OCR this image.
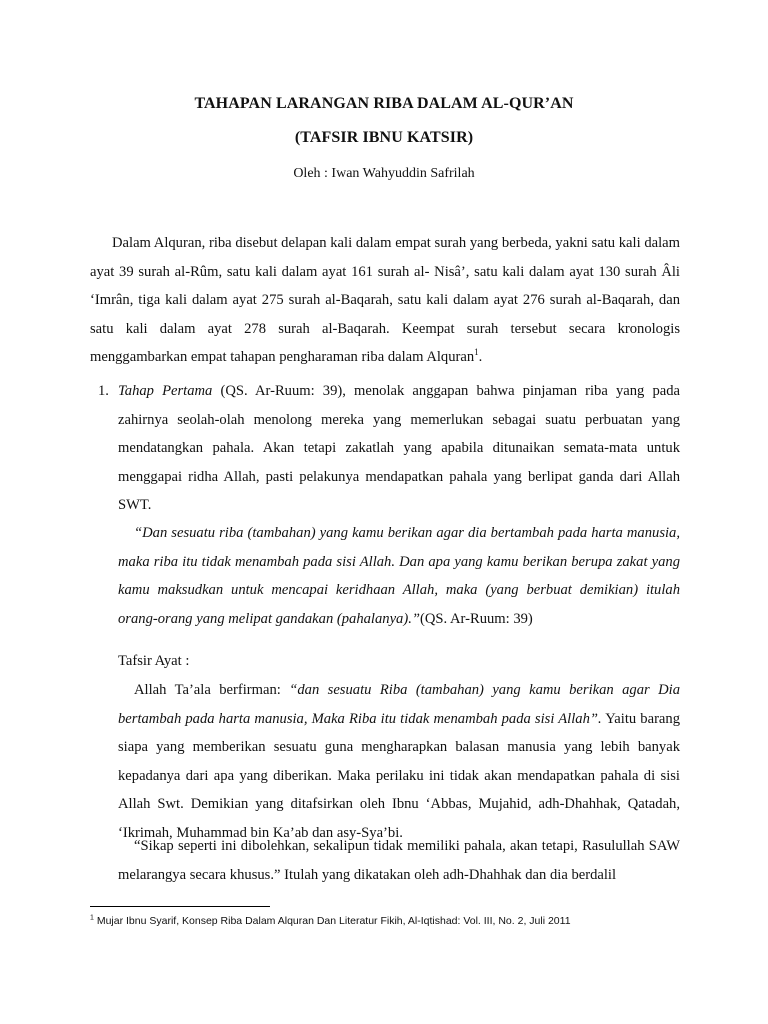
TAHAPAN LARANGAN RIBA DALAM AL-QUR’AN
(TAFSIR IBNU KATSIR)
Oleh : Iwan Wahyuddin Safrilah

Dalam Alquran, riba disebut delapan kali dalam empat surah yang berbeda, yakni satu kali dalam ayat 39 surah al-Rûm, satu kali dalam ayat 161 surah al- Nisâ’, satu kali dalam ayat 130 surah Âli ‘Imrân, tiga kali dalam ayat 275 surah al-Baqarah, satu kali dalam ayat 276 surah al-Baqarah, dan satu kali dalam ayat 278 surah al-Baqarah. Keempat surah tersebut secara kronologis menggambarkan empat tahapan pengharaman riba dalam Alquran$^1$.

1. Tahap Pertama (QS. Ar-Ruum: 39), menolak anggapan bahwa pinjaman riba yang pada zahirnya seolah-olah menolong mereka yang memerlukan sebagai suatu perbuatan yang mendatangkan pahala. Akan tetapi zakatlah yang apabila ditunaikan semata-mata untuk menggapai ridha Allah, pasti pelakunya mendapatkan pahala yang berlipat ganda dari Allah SWT.

“Dan sesuatu riba (tambahan) yang kamu berikan agar dia bertambah pada harta manusia, maka riba itu tidak menambah pada sisi Allah. Dan apa yang kamu berikan berupa zakat yang kamu maksudkan untuk mencapai keridhaan Allah, maka (yang berbuat demikian) itulah orang-orang yang melipat gandakan (pahalanya).”(QS. Ar-Ruum: 39)

Tafsir Ayat :

Allah Ta’ala berfirman: “dan sesuatu Riba (tambahan) yang kamu berikan agar Dia bertambah pada harta manusia, Maka Riba itu tidak menambah pada sisi Allah”. Yaitu barang siapa yang memberikan sesuatu guna mengharapkan balasan manusia yang lebih banyak kepadanya dari apa yang diberikan. Maka perilaku ini tidak akan mendapatkan pahala di sisi Allah Swt. Demikian yang ditafsirkan oleh Ibnu ‘Abbas, Mujahid, adh-Dhahhak, Qatadah, ‘Ikrimah, Muhammad bin Ka’ab dan asy-Sya’bi.

“Sikap seperti ini dibolehkan, sekalipun tidak memiliki pahala, akan tetapi, Rasulullah SAW melarangya secara khusus.” Itulah yang dikatakan oleh adh-Dhahhak dan dia berdalil

$^1$ Mujar Ibnu Syarif, Konsep Riba Dalam Alquran Dan Literatur Fikih, Al-Iqtishad: Vol. III, No. 2, Juli 2011
